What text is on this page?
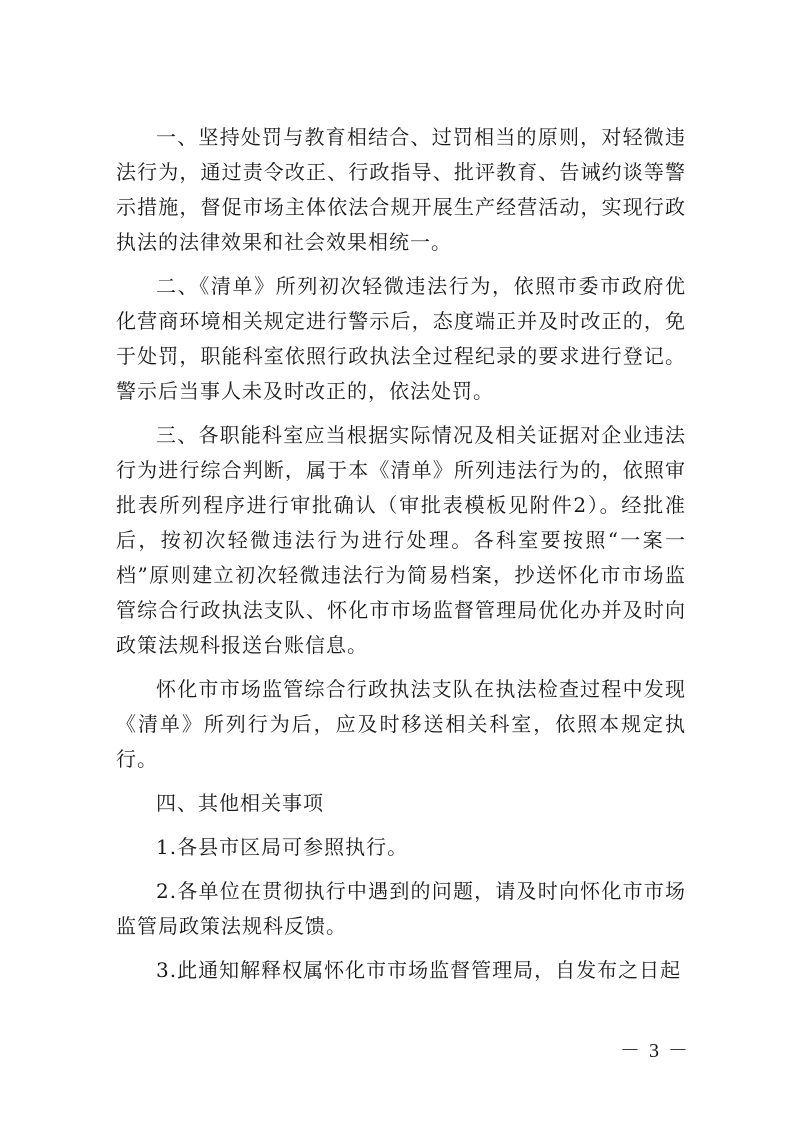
一、坚持处罚与教育相结合、过罚相当的原则，对轻微违法行为，通过责令改正、行政指导、批评教育、告诫约谈等警示措施，督促市场主体依法合规开展生产经营活动，实现行政执法的法律效果和社会效果相统一。

二、《清单》所列初次轻微违法行为，依照市委市政府优化营商环境相关规定进行警示后，态度端正并及时改正的，免于处罚，职能科室依照行政执法全过程纪录的要求进行登记。警示后当事人未及时改正的，依法处罚。

三、各职能科室应当根据实际情况及相关证据对企业违法行为进行综合判断，属于本《清单》所列违法行为的，依照审批表所列程序进行审批确认（审批表模板见附件2）。经批准后，按初次轻微违法行为进行处理。各科室要按照“一案一档”原则建立初次轻微违法行为简易档案，抄送怀化市市场监管综合行政执法支队、怀化市市场监督管理局优化办并及时向政策法规科报送台账信息。

怀化市市场监管综合行政执法支队在执法检查过程中发现《清单》所列行为后，应及时移送相关科室，依照本规定执行。

四、其他相关事项

1.各县市区局可参照执行。

2.各单位在贯彻执行中遇到的问题，请及时向怀化市市场监管局政策法规科反馈。

3.此通知解释权属怀化市市场监督管理局，自发布之日起

－ 3 －
